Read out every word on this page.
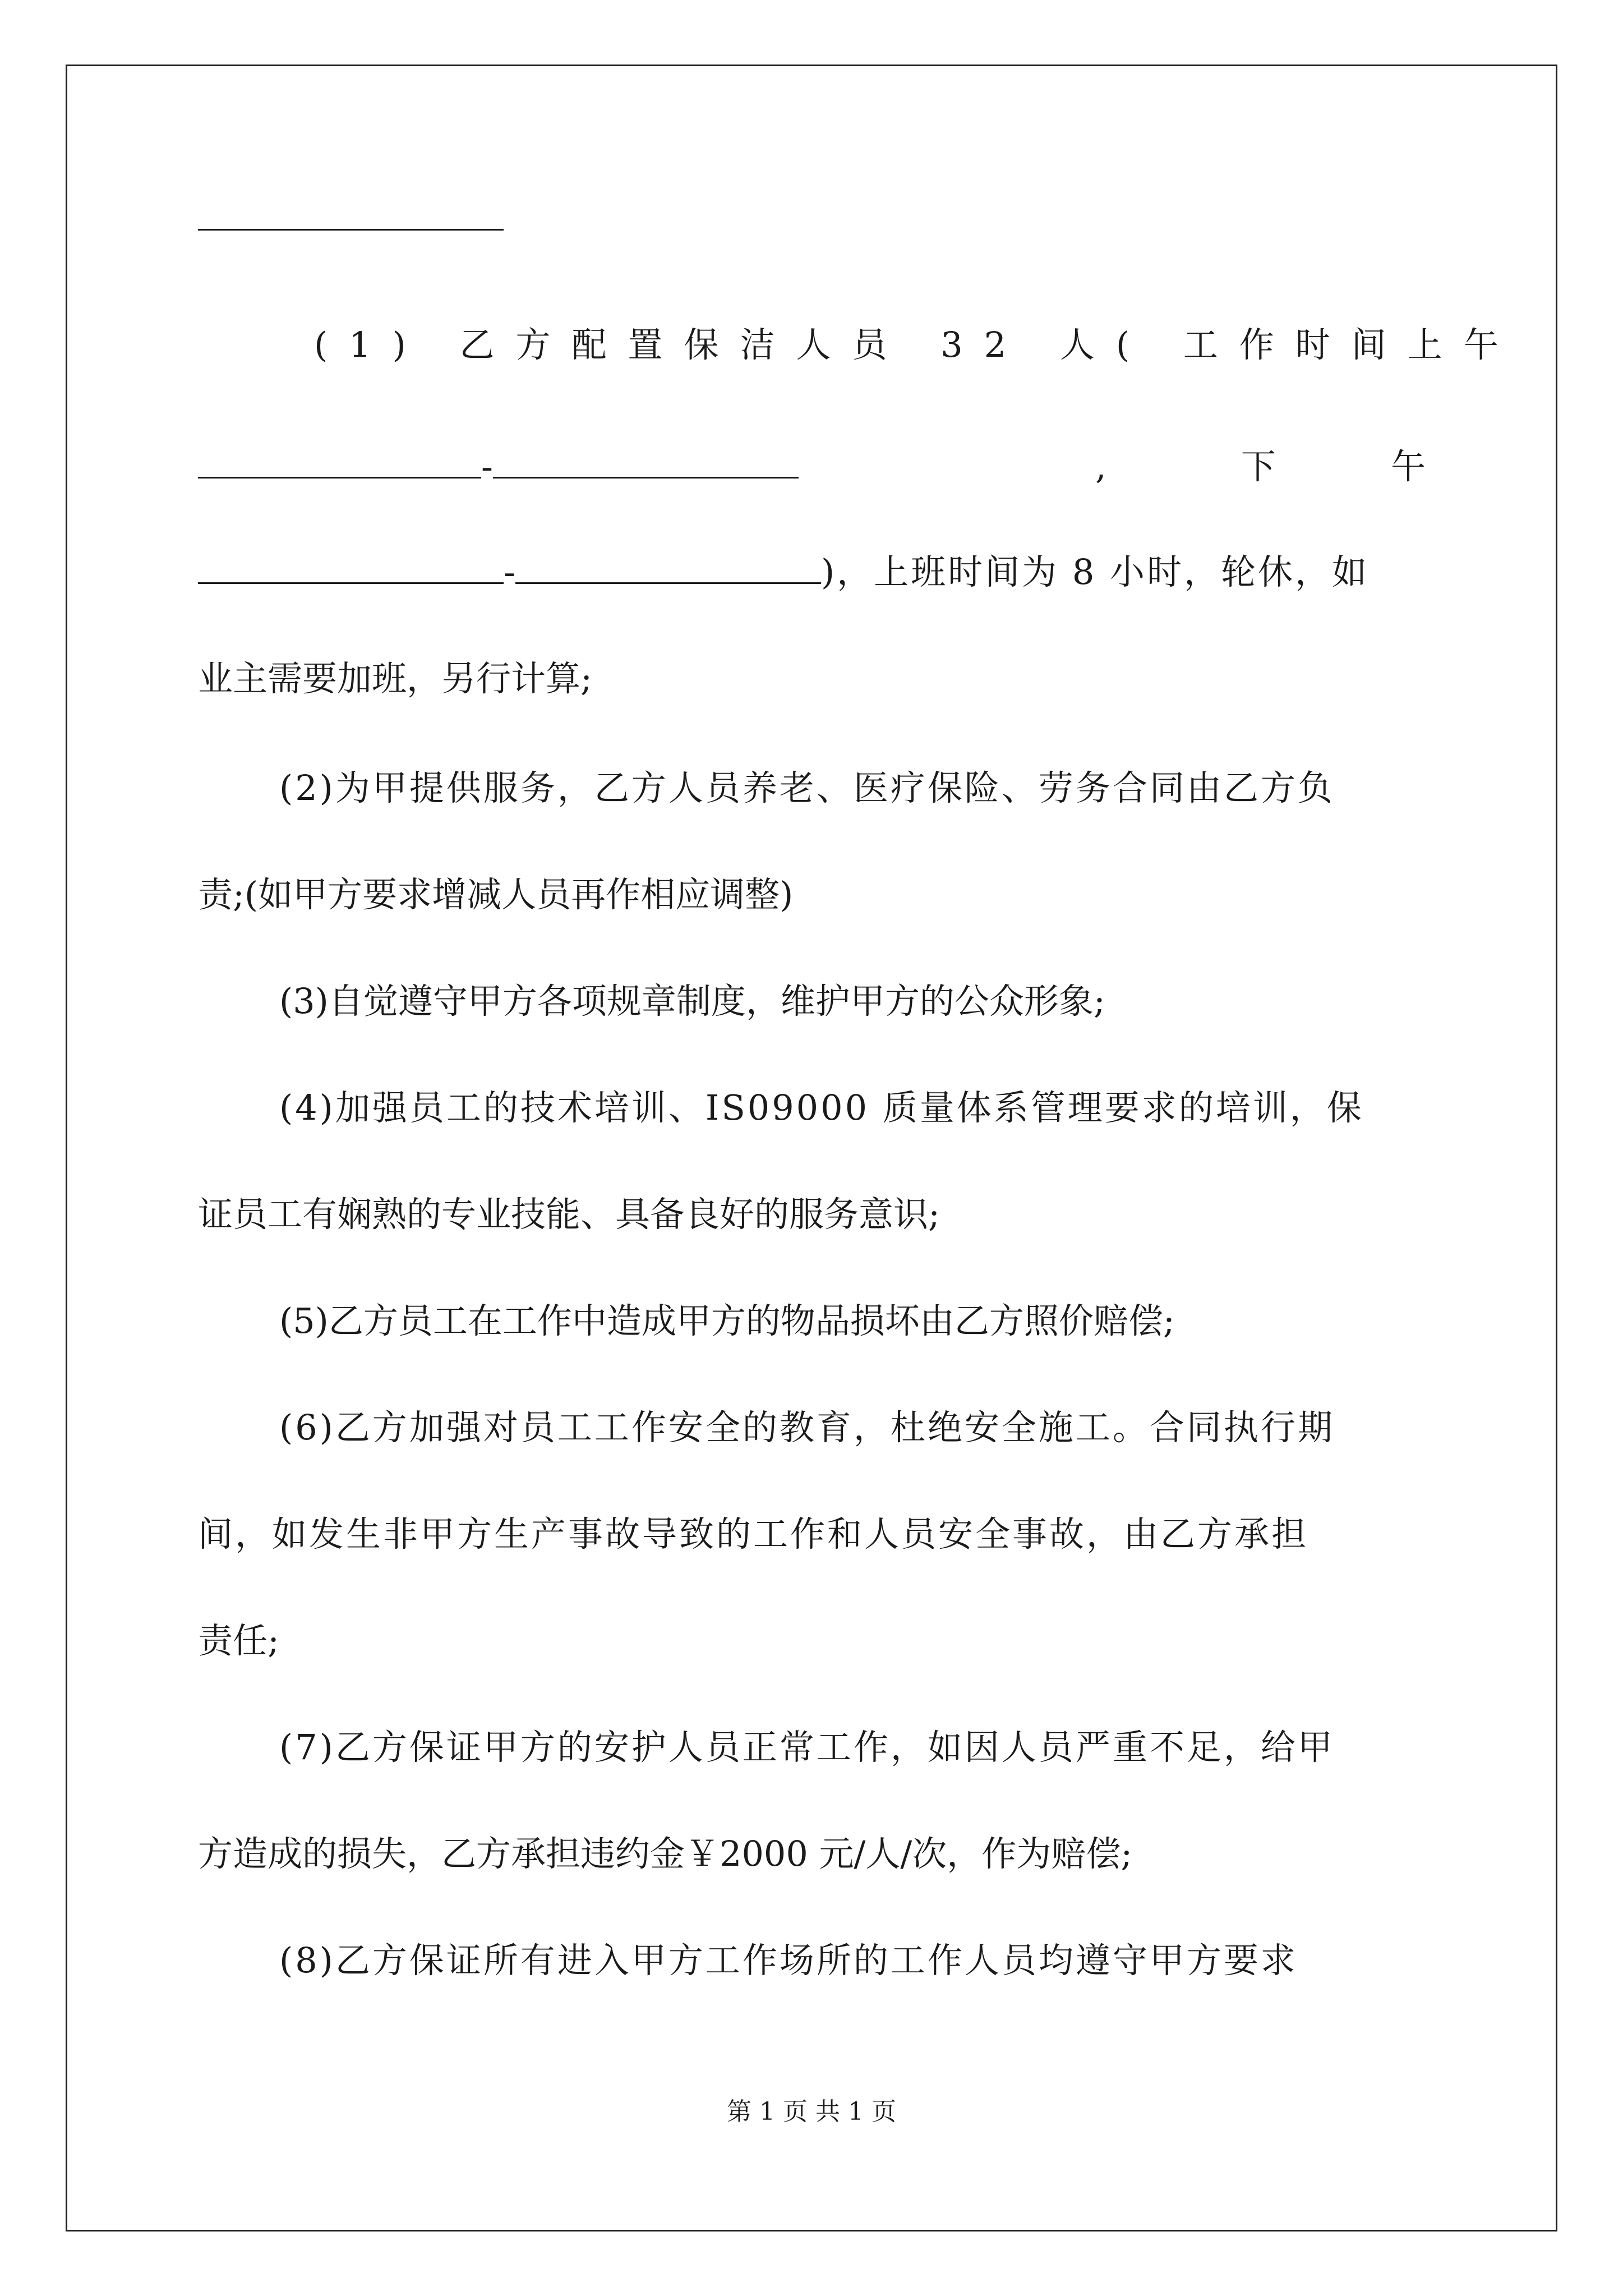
(1) 乙方配置保洁人员 32 人( 工作时间上午
-	,	下	午
-	)，上班时间为 8 小时，轮休，如
业主需要加班，另行计算;
(2)为甲提供服务，乙方人员养老、医疗保险、劳务合同由乙方负
责;(如甲方要求增减人员再作相应调整)
(3)自觉遵守甲方各项规章制度，维护甲方的公众形象;
(4)加强员工的技术培训、IS09000 质量体系管理要求的培训，保
证员工有娴熟的专业技能、具备良好的服务意识;
(5)乙方员工在工作中造成甲方的物品损坏由乙方照价赔偿;
(6)乙方加强对员工工作安全的教育，杜绝安全施工。合同执行期
间，如发生非甲方生产事故导致的工作和人员安全事故，由乙方承担
责任;
(7)乙方保证甲方的安护人员正常工作，如因人员严重不足，给甲
方造成的损失，乙方承担违约金￥2000 元/人/次，作为赔偿;
(8)乙方保证所有进入甲方工作场所的工作人员均遵守甲方要求
第 1 页 共 1 页
